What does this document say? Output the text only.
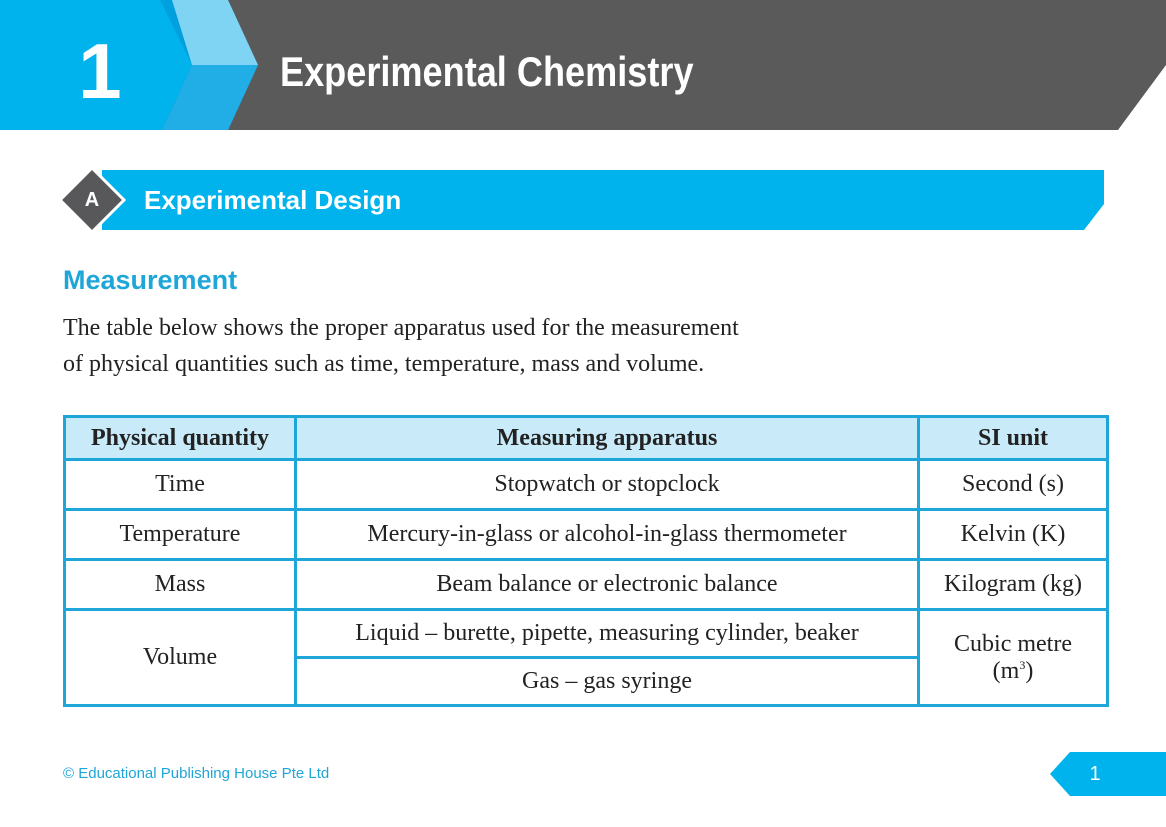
1	Experimental Chemistry
A	Experimental Design
Measurement
The table below shows the proper apparatus used for the measurement
of physical quantities such as time, temperature, mass and volume.
Physical quantity	Measuring apparatus	SI unit
Time	Stopwatch or stopclock	Second (s)
Temperature	Mercury-in-glass or alcohol-in-glass thermometer	Kelvin (K)
Mass	Beam balance or electronic balance	Kilogram (kg)
Volume	Liquid – burette, pipette, measuring cylinder, beaker	Cubic metre
$(m^3)$
	Gas – gas syringe	
© Educational Publishing House Pte Ltd	1
